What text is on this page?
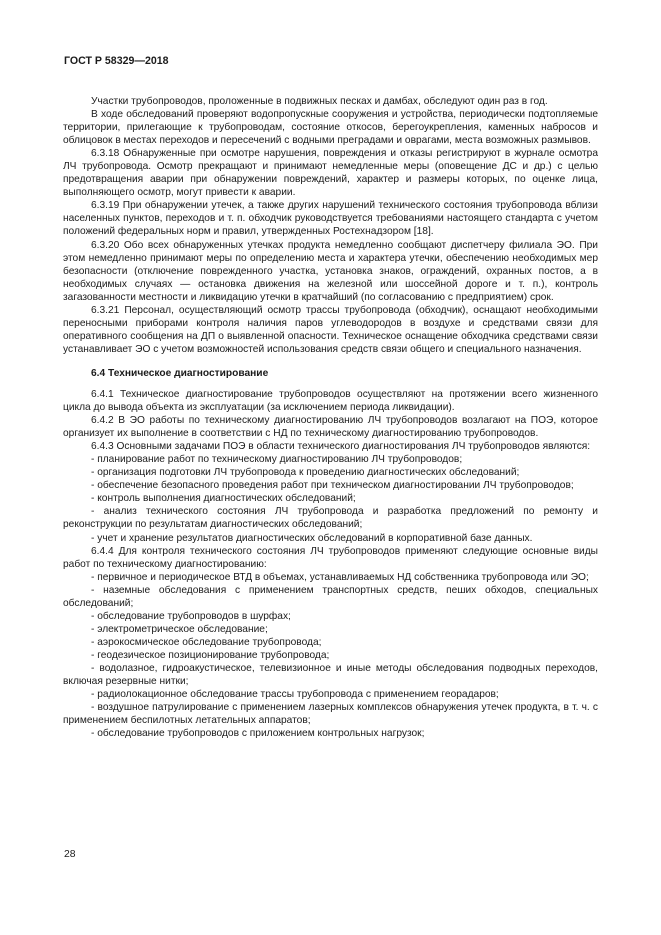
ГОСТ Р 58329—2018

Участки трубопроводов, проложенные в подвижных песках и дамбах, обследуют один раз в год.

В ходе обследований проверяют водопропускные сооружения и устройства, периодически подтопляемые территории, прилегающие к трубопроводам, состояние откосов, берегоукрепления, каменных набросов и облицовок в местах переходов и пересечений с водными преградами и оврагами, места возможных размывов.

6.3.18 Обнаруженные при осмотре нарушения, повреждения и отказы регистрируют в журнале осмотра ЛЧ трубопровода. Осмотр прекращают и принимают немедленные меры (оповещение ДС и др.) с целью предотвращения аварии при обнаружении повреждений, характер и размеры которых, по оценке лица, выполняющего осмотр, могут привести к аварии.

6.3.19 При обнаружении утечек, а также других нарушений технического состояния трубопровода вблизи населенных пунктов, переходов и т. п. обходчик руководствуется требованиями настоящего стандарта с учетом положений федеральных норм и правил, утвержденных Ростехнадзором [18].

6.3.20 Обо всех обнаруженных утечках продукта немедленно сообщают диспетчеру филиала ЭО. При этом немедленно принимают меры по определению места и характера утечки, обеспечению необходимых мер безопасности (отключение поврежденного участка, установка знаков, ограждений, охранных постов, а в необходимых случаях — остановка движения на железной или шоссейной дороге и т. п.), контроль загазованности местности и ликвидацию утечки в кратчайший (по согласованию с предприятием) срок.

6.3.21 Персонал, осуществляющий осмотр трассы трубопровода (обходчик), оснащают необходимыми переносными приборами контроля наличия паров углеводородов в воздухе и средствами связи для оперативного сообщения на ДП о выявленной опасности. Техническое оснащение обходчика средствами связи устанавливает ЭО с учетом возможностей использования средств связи общего и специального назначения.

6.4 Техническое диагностирование

6.4.1 Техническое диагностирование трубопроводов осуществляют на протяжении всего жизненного цикла до вывода объекта из эксплуатации (за исключением периода ликвидации).

6.4.2 В ЭО работы по техническому диагностированию ЛЧ трубопроводов возлагают на ПОЭ, которое организует их выполнение в соответствии с НД по техническому диагностированию трубопроводов.

6.4.3 Основными задачами ПОЭ в области технического диагностирования ЛЧ трубопроводов являются:

- планирование работ по техническому диагностированию ЛЧ трубопроводов;

- организация подготовки ЛЧ трубопровода к проведению диагностических обследований;

- обеспечение безопасного проведения работ при техническом диагностировании ЛЧ трубопроводов;

- контроль выполнения диагностических обследований;

- анализ технического состояния ЛЧ трубопровода и разработка предложений по ремонту и реконструкции по результатам диагностических обследований;

- учет и хранение результатов диагностических обследований в корпоративной базе данных.

6.4.4 Для контроля технического состояния ЛЧ трубопроводов применяют следующие основные виды работ по техническому диагностированию:

- первичное и периодическое ВТД в объемах, устанавливаемых НД собственника трубопровода или ЭО;

- наземные обследования с применением транспортных средств, пеших обходов, специальных обследований;

- обследование трубопроводов в шурфах;

- электрометрическое обследование;

- аэрокосмическое обследование трубопровода;

- геодезическое позиционирование трубопровода;

- водолазное, гидроакустическое, телевизионное и иные методы обследования подводных переходов, включая резервные нитки;

- радиолокационное обследование трассы трубопровода с применением георадаров;

- воздушное патрулирование с применением лазерных комплексов обнаружения утечек продукта, в т. ч. с применением беспилотных летательных аппаратов;

- обследование трубопроводов с приложением контрольных нагрузок;

28
